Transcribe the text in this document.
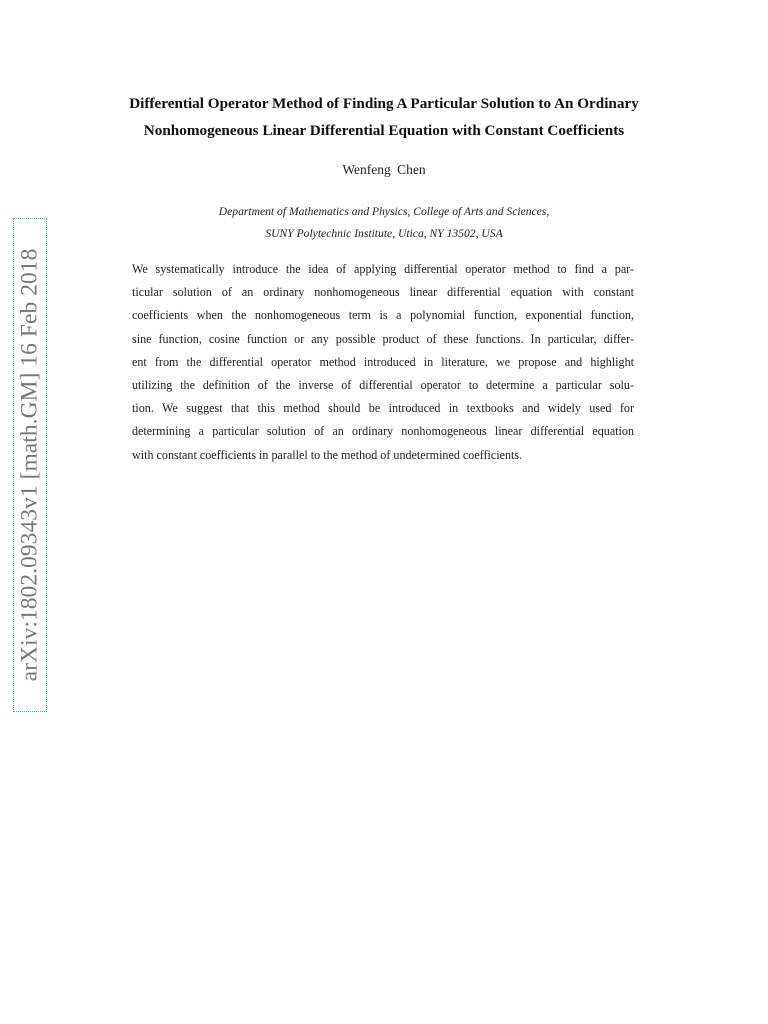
arXiv:1802.09343v1 [math.GM] 16 Feb 2018
Differential Operator Method of Finding A Particular Solution to An Ordinary
Nonhomogeneous Linear Differential Equation with Constant Coefficients
Wenfeng Chen
Department of Mathematics and Physics, College of Arts and Sciences,
SUNY Polytechnic Institute, Utica, NY 13502, USA
We systematically introduce the idea of applying differential operator method to find a par-
ticular solution of an ordinary nonhomogeneous linear differential equation with constant
coefficients when the nonhomogeneous term is a polynomial function, exponential function,
sine function, cosine function or any possible product of these functions. In particular, differ-
ent from the differential operator method introduced in literature, we propose and highlight
utilizing the definition of the inverse of differential operator to determine a particular solu-
tion. We suggest that this method should be introduced in textbooks and widely used for
determining a particular solution of an ordinary nonhomogeneous linear differential equation
with constant coefficients in parallel to the method of undetermined coefficients.
